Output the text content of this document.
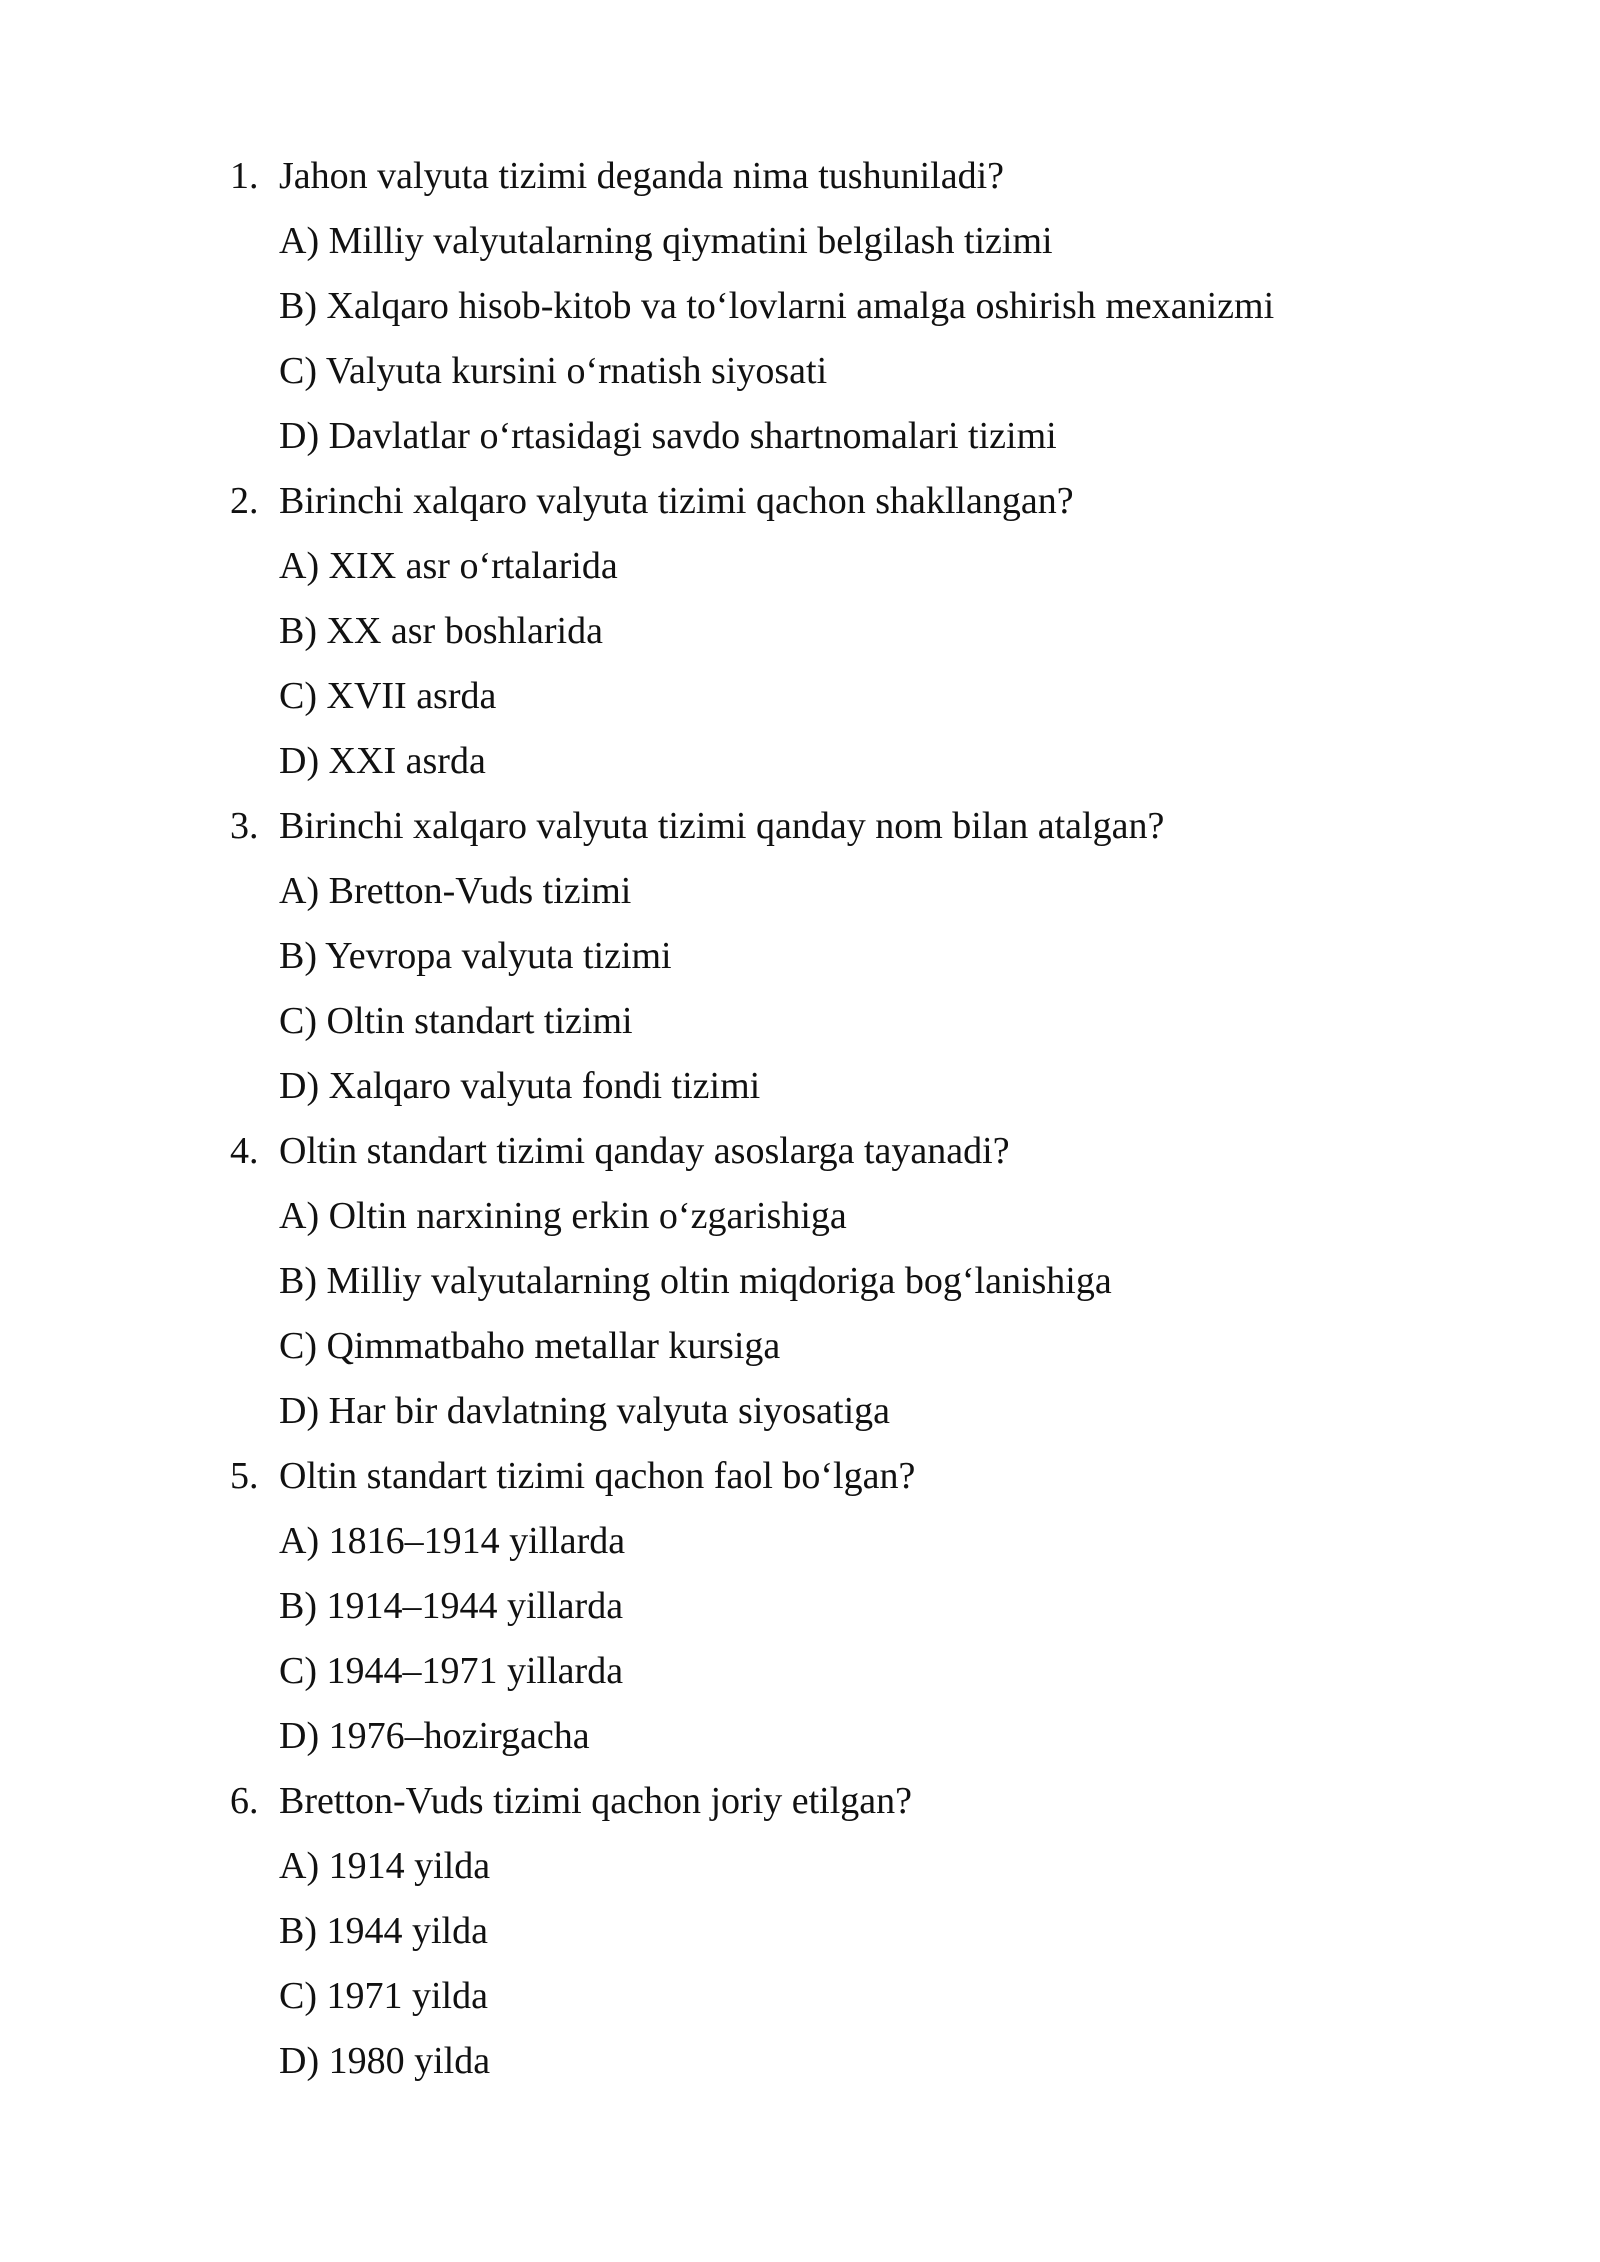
1. Jahon valyuta tizimi deganda nima tushuniladi?
A) Milliy valyutalarning qiymatini belgilash tizimi
B) Xalqaro hisob-kitob va to‘lovlarni amalga oshirish mexanizmi
C) Valyuta kursini o‘rnatish siyosati
D) Davlatlar o‘rtasidagi savdo shartnomalari tizimi
2. Birinchi xalqaro valyuta tizimi qachon shakllangan?
A) XIX asr o‘rtalarida
B) XX asr boshlarida
C) XVII asrda
D) XXI asrda
3. Birinchi xalqaro valyuta tizimi qanday nom bilan atalgan?
A) Bretton-Vuds tizimi
B) Yevropa valyuta tizimi
C) Oltin standart tizimi
D) Xalqaro valyuta fondi tizimi
4. Oltin standart tizimi qanday asoslarga tayanadi?
A) Oltin narxining erkin o‘zgarishiga
B) Milliy valyutalarning oltin miqdoriga bog‘lanishiga
C) Qimmatbaho metallar kursiga
D) Har bir davlatning valyuta siyosatiga
5. Oltin standart tizimi qachon faol bo‘lgan?
A) 1816–1914 yillarda
B) 1914–1944 yillarda
C) 1944–1971 yillarda
D) 1976–hozirgacha
6. Bretton-Vuds tizimi qachon joriy etilgan?
A) 1914 yilda
B) 1944 yilda
C) 1971 yilda
D) 1980 yilda
